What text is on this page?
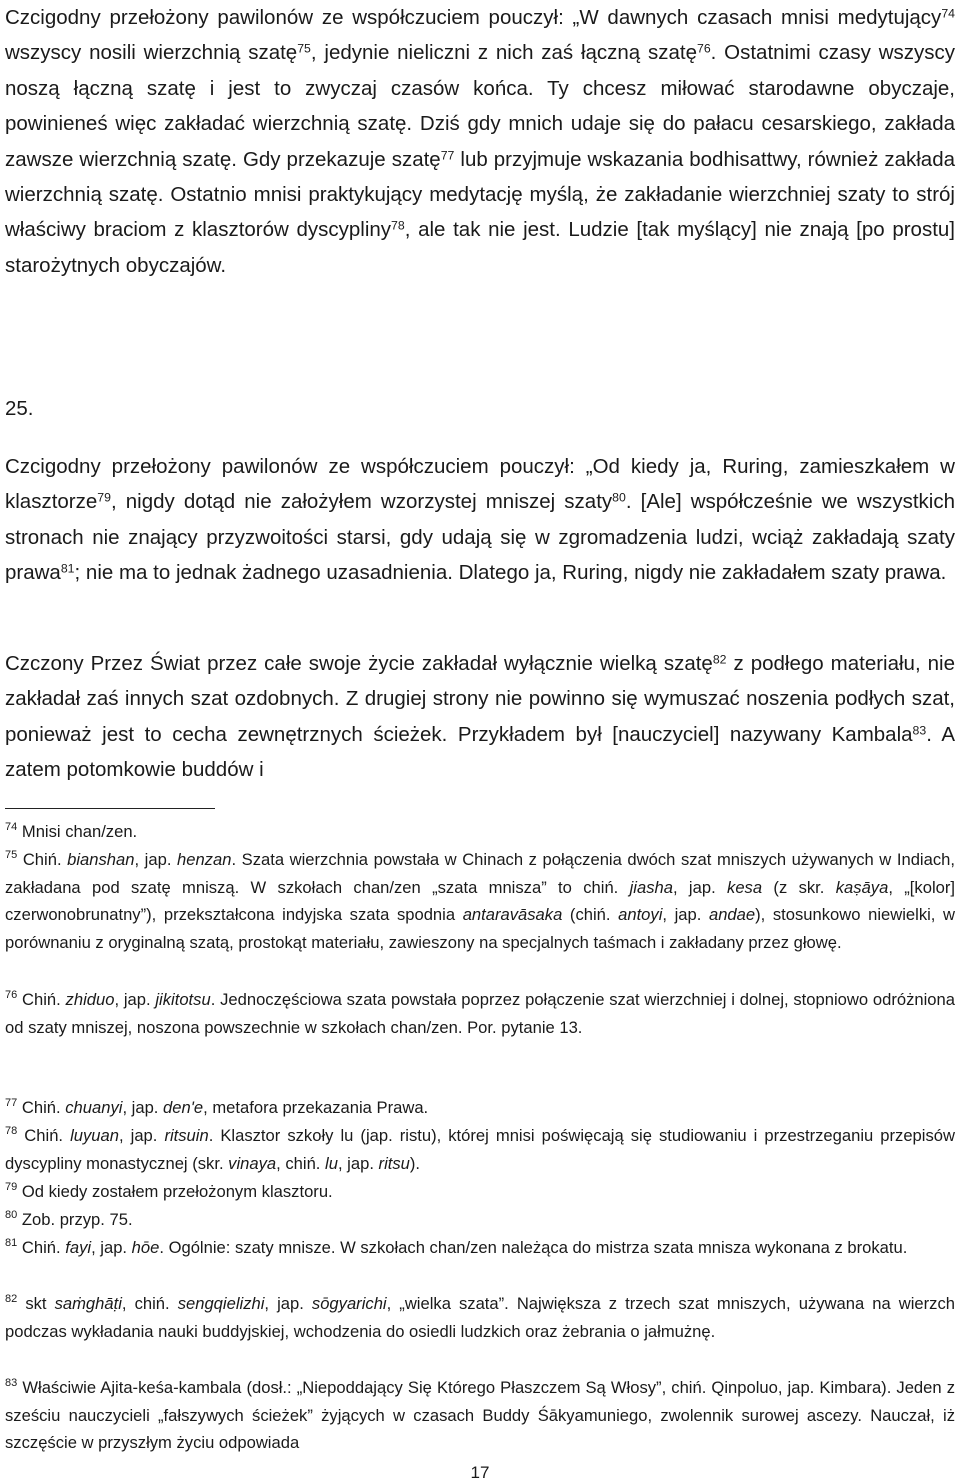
Czcigodny przełożony pawilonów ze współczuciem pouczył: „W dawnych czasach mnisi medytujący$^{74}$ wszyscy nosili wierzchnią szatę$^{75}$, jedynie nieliczni z nich zaś łączną szatę$^{76}$. Ostatnimi czasy wszyscy noszą łączną szatę i jest to zwyczaj czasów końca. Ty chcesz miłować starodawne obyczaje, powinieneś więc zakładać wierzchnią szatę. Dziś gdy mnich udaje się do pałacu cesarskiego, zakłada zawsze wierzchnią szatę. Gdy przekazuje szatę$^{77}$ lub przyjmuje wskazania bodhisattwy, również zakłada wierzchnią szatę. Ostatnio mnisi praktykujący medytację myślą, że zakładanie wierzchniej szaty to strój właściwy braciom z klasztorów dyscypliny$^{78}$, ale tak nie jest. Ludzie [tak myślący] nie znają [po prostu] starożytnych obyczajów.

25.

Czcigodny przełożony pawilonów ze współczuciem pouczył: „Od kiedy ja, Ruring, zamieszkałem w klasztorze$^{79}$, nigdy dotąd nie założyłem wzorzystej mniszej szaty$^{80}$. [Ale] współcześnie we wszystkich stronach nie znający przyzwoitości starsi, gdy udają się w zgromadzenia ludzi, wciąż zakładają szaty prawa$^{81}$; nie ma to jednak żadnego uzasadnienia. Dlatego ja, Ruring, nigdy nie zakładałem szaty prawa.

Czczony Przez Świat przez całe swoje życie zakładał wyłącznie wielką szatę$^{82}$ z podłego materiału, nie zakładał zaś innych szat ozdobnych. Z drugiej strony nie powinno się wymuszać noszenia podłych szat, ponieważ jest to cecha zewnętrznych ścieżek. Przykładem był [nauczyciel] nazywany Kambala$^{83}$. A zatem potomkowie buddów i

$^{74}$ Mnisi chan/zen.

$^{75}$ Chiń. bianshan, jap. henzan. Szata wierzchnia powstała w Chinach z połączenia dwóch szat mniszych używanych w Indiach, zakładana pod szatę mniszą. W szkołach chan/zen „szata mnisza” to chiń. jiasha, jap. kesa (z skr. kaṣāya, „[kolor] czerwonobrunatny”), przekształcona indyjska szata spodnia antaravāsaka (chiń. antoyi, jap. andae), stosunkowo niewielki, w porównaniu z oryginalną szatą, prostokąt materiału, zawieszony na specjalnych taśmach i zakładany przez głowę.

$^{76}$ Chiń. zhiduo, jap. jikitotsu. Jednoczęściowa szata powstała poprzez połączenie szat wierzchniej i dolnej, stopniowo odróżniona od szaty mniszej, noszona powszechnie w szkołach chan/zen. Por. pytanie 13.

$^{77}$ Chiń. chuanyi, jap. den'e, metafora przekazania Prawa.

$^{78}$ Chiń. luyuan, jap. ritsuin. Klasztor szkoły lu (jap. ristu), której mnisi poświęcają się studiowaniu i przestrzeganiu przepisów dyscypliny monastycznej (skr. vinaya, chiń. lu, jap. ritsu).

$^{79}$ Od kiedy zostałem przełożonym klasztoru.

$^{80}$ Zob. przyp. 75.

$^{81}$ Chiń. fayi, jap. hōe. Ogólnie: szaty mnisze. W szkołach chan/zen należąca do mistrza szata mnisza wykonana z brokatu.

$^{82}$ skt saṁghāṭi, chiń. sengqielizhi, jap. sōgyarichi, „wielka szata”. Największa z trzech szat mniszych, używana na wierzch podczas wykładania nauki buddyjskiej, wchodzenia do osiedli ludzkich oraz żebrania o jałmużnę.

$^{83}$ Właściwie Ajita-keśa-kambala (dosł.: „Niepoddający Się Którego Płaszczem Są Włosy”, chiń. Qinpoluo, jap. Kimbara). Jeden z sześciu nauczycieli „fałszywych ścieżek” żyjących w czasach Buddy Śākyamuniego, zwolennik surowej ascezy. Nauczał, iż szczęście w przyszłym życiu odpowiada

17
